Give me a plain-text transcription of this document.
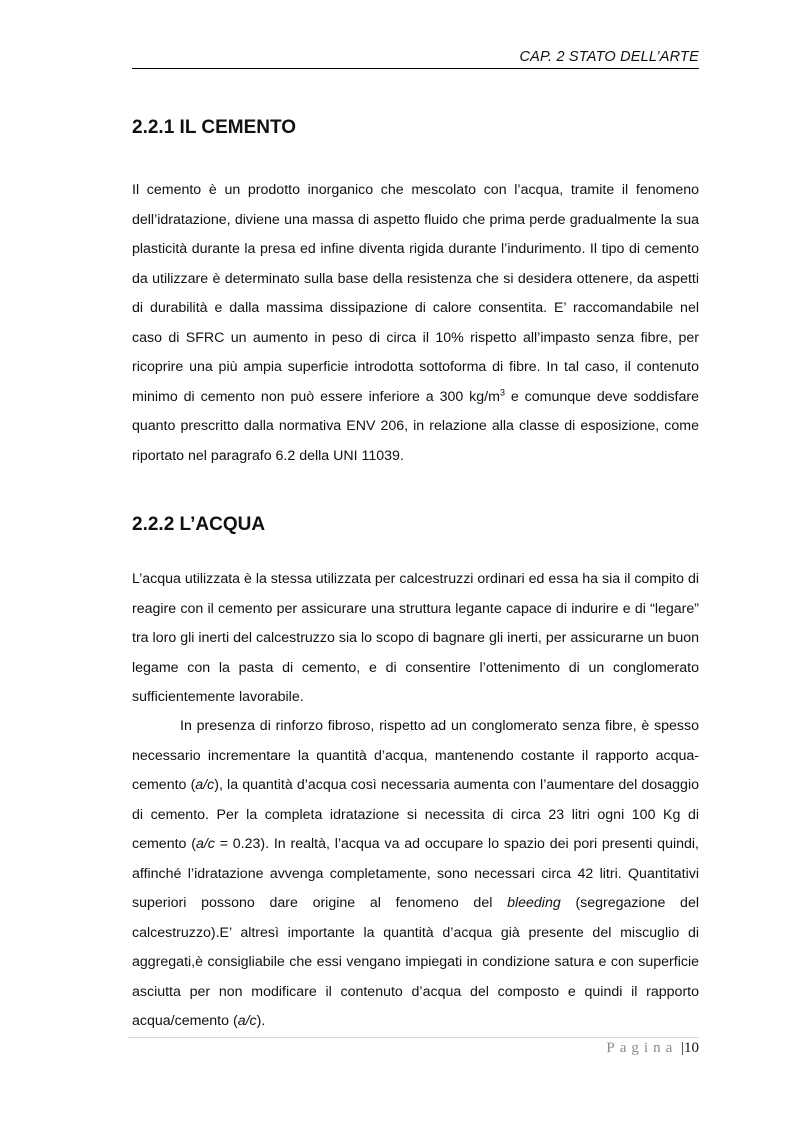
CAP. 2 STATO DELL’ARTE
2.2.1 IL CEMENTO

Il cemento è un prodotto inorganico che mescolato con l’acqua, tramite il fenomeno dell’idratazione, diviene una massa di aspetto fluido che prima perde gradualmente la sua plasticità durante la presa ed infine diventa rigida durante l’indurimento. Il tipo di cemento da utilizzare è determinato sulla base della resistenza che si desidera ottenere, da aspetti di durabilità e dalla massima dissipazione di calore consentita. E’ raccomandabile nel caso di SFRC un aumento in peso di circa il 10% rispetto all’impasto senza fibre, per ricoprire una più ampia superficie introdotta sottoforma di fibre. In tal caso, il contenuto minimo di cemento non può essere inferiore a 300 $kg/m^3$ e comunque deve soddisfare quanto prescritto dalla normativa ENV 206, in relazione alla classe di esposizione, come riportato nel paragrafo 6.2 della UNI 11039.

2.2.2 L’ACQUA

L’acqua utilizzata è la stessa utilizzata per calcestruzzi ordinari ed essa ha sia il compito di reagire con il cemento per assicurare una struttura legante capace di indurire e di “legare” tra loro gli inerti del calcestruzzo sia lo scopo di bagnare gli inerti, per assicurarne un buon legame con la pasta di cemento, e di consentire l’ottenimento di un conglomerato sufficientemente lavorabile.

In presenza di rinforzo fibroso, rispetto ad un conglomerato senza fibre, è spesso necessario incrementare la quantità d’acqua, mantenendo costante il rapporto acqua-cemento (a/c), la quantità d’acqua così necessaria aumenta con l’aumentare del dosaggio di cemento. Per la completa idratazione si necessita di circa 23 litri ogni 100 Kg di cemento (a/c = 0.23). In realtà, l’acqua va ad occupare lo spazio dei pori presenti quindi, affinché l’idratazione avvenga completamente, sono necessari circa 42 litri. Quantitativi superiori possono dare origine al fenomeno del bleeding (segregazione del calcestruzzo).E’ altresì importante la quantità d’acqua già presente del miscuglio di aggregati,è consigliabile che essi vengano impiegati in condizione satura e con superficie asciutta per non modificare il contenuto d’acqua del composto e quindi il rapporto acqua/cemento (a/c).

Pagina |10
